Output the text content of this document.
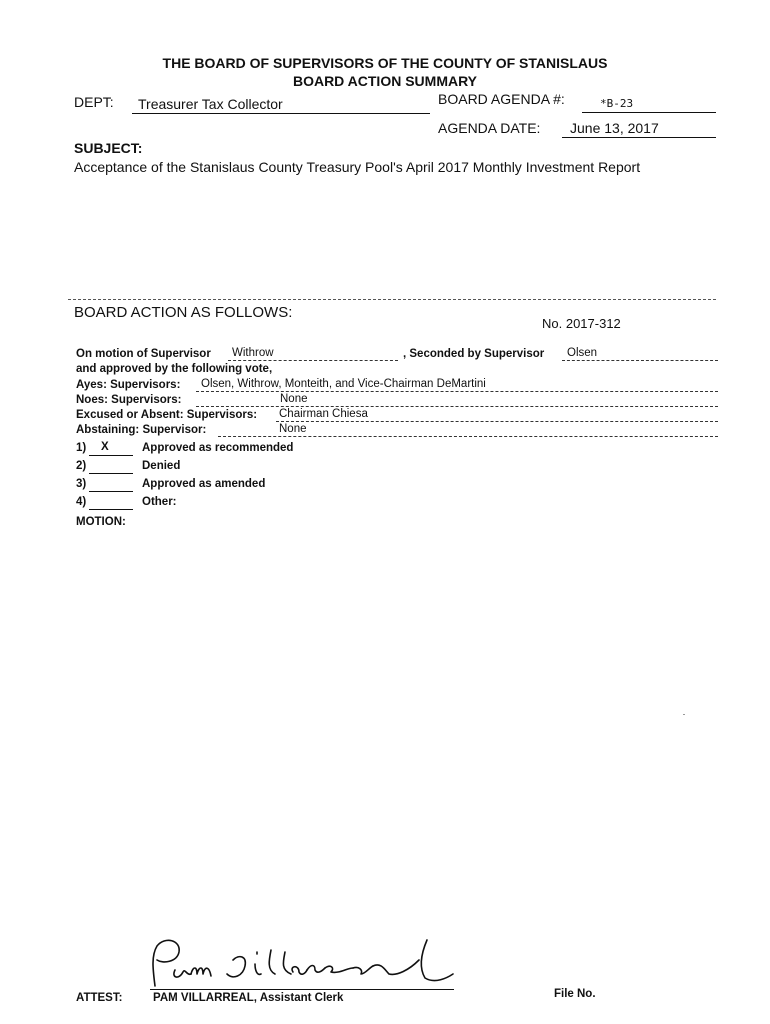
THE BOARD OF SUPERVISORS OF THE COUNTY OF STANISLAUS
BOARD ACTION SUMMARY
DEPT: Treasurer Tax Collector	BOARD AGENDA #:	*B-23
AGENDA DATE: June 13, 2017
SUBJECT:
Acceptance of the Stanislaus County Treasury Pool's April 2017 Monthly Investment Report
BOARD ACTION AS FOLLOWS:
No. 2017-312
On motion of Supervisor Withrow	, Seconded by Supervisor Olsen
and approved by the following vote,
Ayes: Supervisors: Olsen, Withrow, Monteith, and Vice-Chairman DeMartini
Noes: Supervisors:	None
Excused or Absent: Supervisors: Chairman Chiesa
Abstaining: Supervisor:	None
1) X	Approved as recommended
2)	Denied
3)	Approved as amended
4)	Other:
MOTION:
ATTEST:	PAM VILLARREAL, Assistant Clerk	File No.
